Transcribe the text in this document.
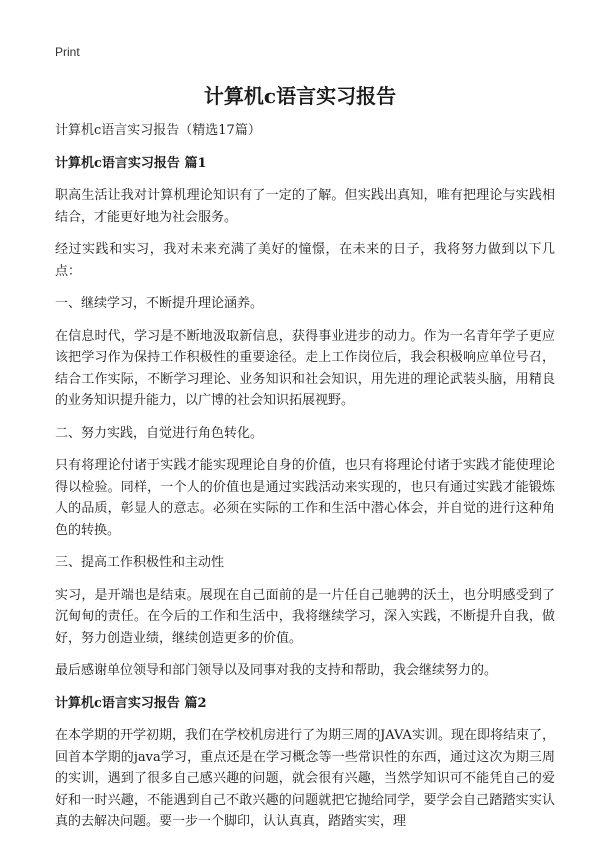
Print
计算机c语言实习报告

计算机c语言实习报告（精选17篇）

计算机c语言实习报告 篇1

职高生活让我对计算机理论知识有了一定的了解。但实践出真知，唯有把理论与实践相结合，才能更好地为社会服务。

经过实践和实习，我对未来充满了美好的憧憬，在未来的日子，我将努力做到以下几点：

一、继续学习，不断提升理论涵养。

在信息时代，学习是不断地汲取新信息，获得事业进步的动力。作为一名青年学子更应该把学习作为保持工作积极性的重要途径。走上工作岗位后，我会积极响应单位号召，结合工作实际，不断学习理论、业务知识和社会知识，用先进的理论武装头脑，用精良的业务知识提升能力，以广博的社会知识拓展视野。

二、努力实践，自觉进行角色转化。

只有将理论付诸于实践才能实现理论自身的价值，也只有将理论付诸于实践才能使理论得以检验。同样，一个人的价值也是通过实践活动来实现的，也只有通过实践才能锻炼人的品质，彰显人的意志。必须在实际的工作和生活中潜心体会，并自觉的进行这种角色的转换。

三、提高工作积极性和主动性

实习，是开端也是结束。展现在自己面前的是一片任自己驰骋的沃土，也分明感受到了沉甸甸的责任。在今后的工作和生活中，我将继续学习，深入实践，不断提升自我，做好，努力创造业绩，继续创造更多的价值。

最后感谢单位领导和部门领导以及同事对我的支持和帮助，我会继续努力的。

计算机c语言实习报告 篇2

在本学期的开学初期，我们在学校机房进行了为期三周的JAVA实训。现在即将结束了，回首本学期的java学习，重点还是在学习概念等一些常识性的东西，通过这次为期三周的实训，遇到了很多自己感兴趣的问题，就会很有兴趣，当然学知识可不能凭自己的爱好和一时兴趣，不能遇到自己不敢兴趣的问题就把它抛给同学，要学会自己踏踏实实认真的去解决问题。要一步一个脚印，认认真真，踏踏实实，理
